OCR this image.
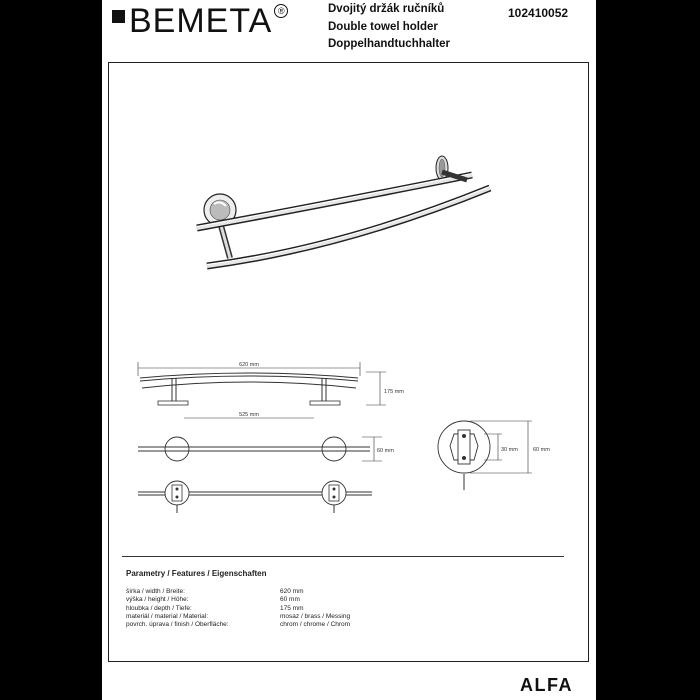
BEMETA ®	Dvojitý držák ručníků
Double towel holder
Doppelhandtuchhalter
102410052
620 mm
525 mm
175 mm
60 mm	30 mm	60 mm
Parametry / Features / Eigenschaften
šírka / width / Breite:	620 mm
výška / height / Höhe:	60 mm
hloubka / depth / Tiefe:	175 mm
materiál / material / Material:	mosaz / brass / Messing
povrch. úprava / finish / Oberfläche:	chrom / chrome / Chrom
ALFA
